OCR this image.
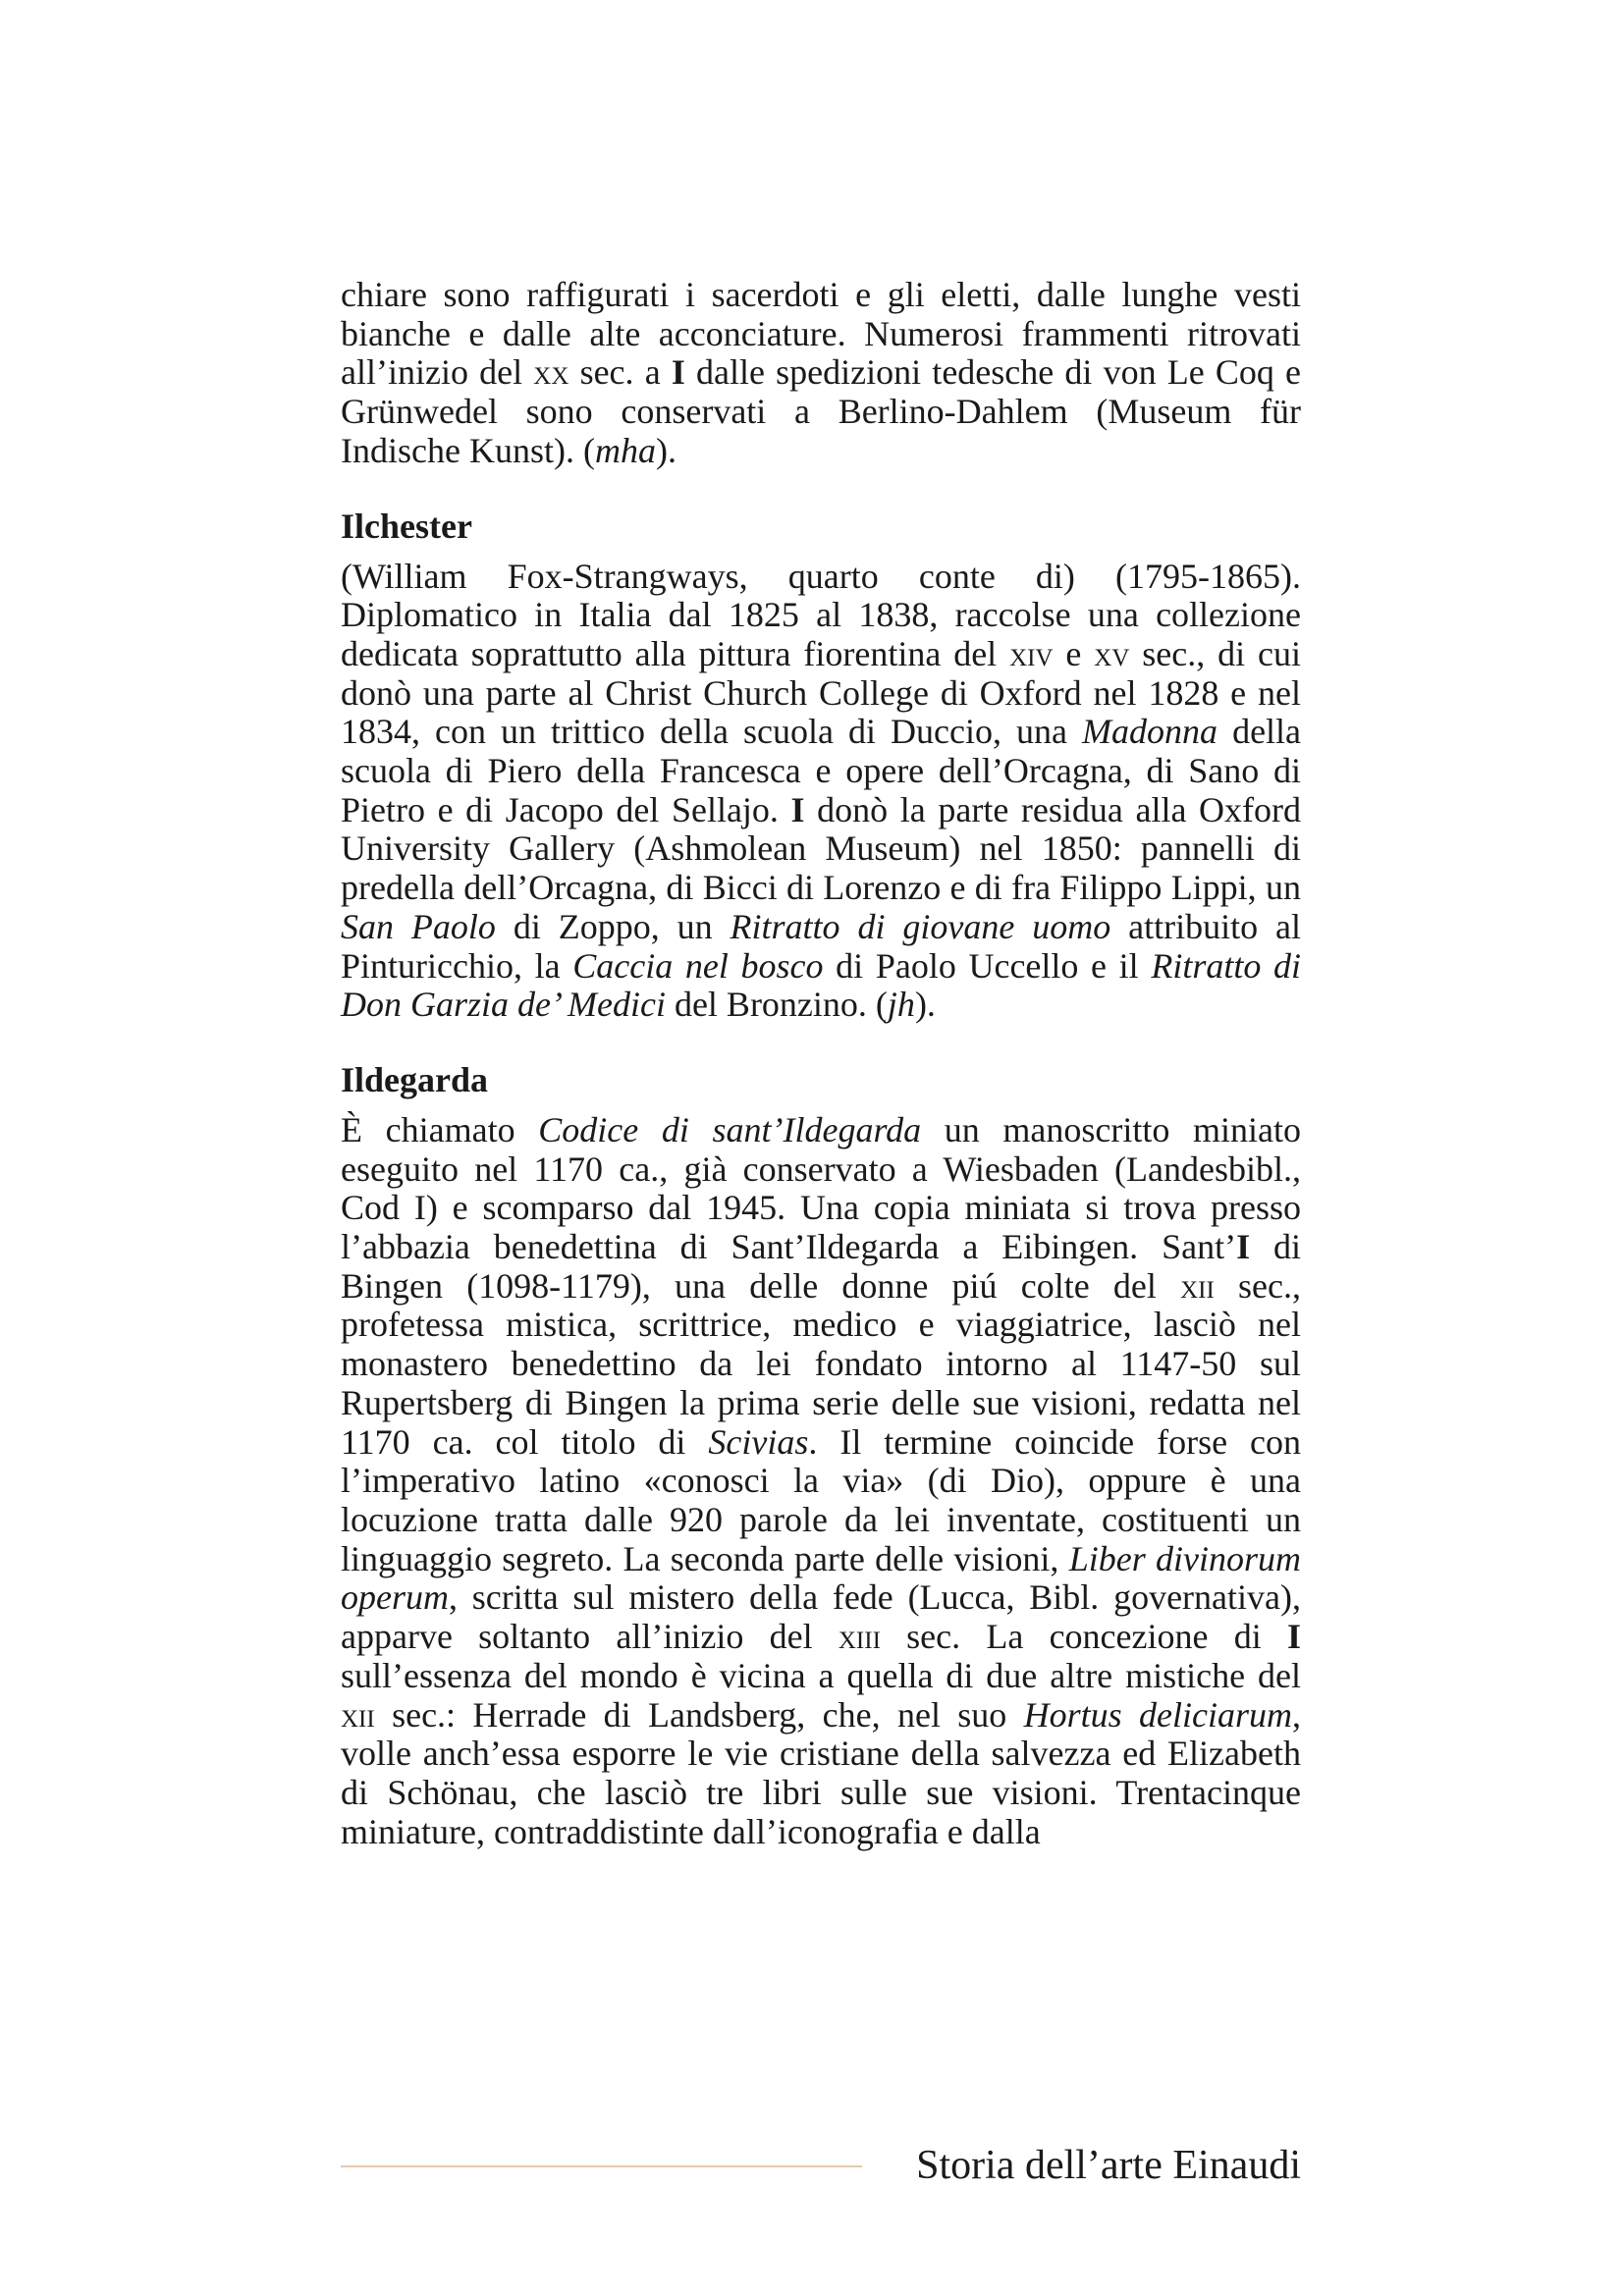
chiare sono raffigurati i sacerdoti e gli eletti, dalle lunghe vesti bianche e dalle alte acconciature. Numerosi frammenti ritrovati all’inizio del xx sec. a I dalle spedizioni tedesche di von Le Coq e Grünwedel sono conservati a Berlino-Dahlem (Museum für Indische Kunst). (mha).

Ilchester

(William Fox-Strangways, quarto conte di) (1795-1865). Diplomatico in Italia dal 1825 al 1838, raccolse una collezione dedicata soprattutto alla pittura fiorentina del xiv e xv sec., di cui donò una parte al Christ Church College di Oxford nel 1828 e nel 1834, con un trittico della scuola di Duccio, una Madonna della scuola di Piero della Francesca e opere dell’Orcagna, di Sano di Pietro e di Jacopo del Sellajo. I donò la parte residua alla Oxford University Gallery (Ashmolean Museum) nel 1850: pannelli di predella dell’Orcagna, di Bicci di Lorenzo e di fra Filippo Lippi, un San Paolo di Zoppo, un Ritratto di giovane uomo attribuito al Pinturicchio, la Caccia nel bosco di Paolo Uccello e il Ritratto di Don Garzia de’ Medici del Bronzino. (jh).

Ildegarda

È chiamato Codice di sant’Ildegarda un manoscritto miniato eseguito nel 1170 ca., già conservato a Wiesbaden (Landesbibl., Cod I) e scomparso dal 1945. Una copia miniata si trova presso l’abbazia benedettina di Sant’Ildegarda a Eibingen. Sant’I di Bingen (1098-1179), una delle donne piú colte del xii sec., profetessa mistica, scrittrice, medico e viaggiatrice, lasciò nel monastero benedettino da lei fondato intorno al 1147-50 sul Rupertsberg di Bingen la prima serie delle sue visioni, redatta nel 1170 ca. col titolo di Scivias. Il termine coincide forse con l’imperativo latino «conosci la via» (di Dio), oppure è una locuzione tratta dalle 920 parole da lei inventate, costituenti un linguaggio segreto. La seconda parte delle visioni, Liber divinorum operum, scritta sul mistero della fede (Lucca, Bibl. governativa), apparve soltanto all’inizio del xiii sec. La concezione di I sull’essenza del mondo è vicina a quella di due altre mistiche del xii sec.: Herrade di Landsberg, che, nel suo Hortus deliciarum, volle anch’essa esporre le vie cristiane della salvezza ed Elizabeth di Schönau, che lasciò tre libri sulle sue visioni. Trentacinque miniature, contraddistinte dall’iconografia e dalla

Storia dell’arte Einaudi
